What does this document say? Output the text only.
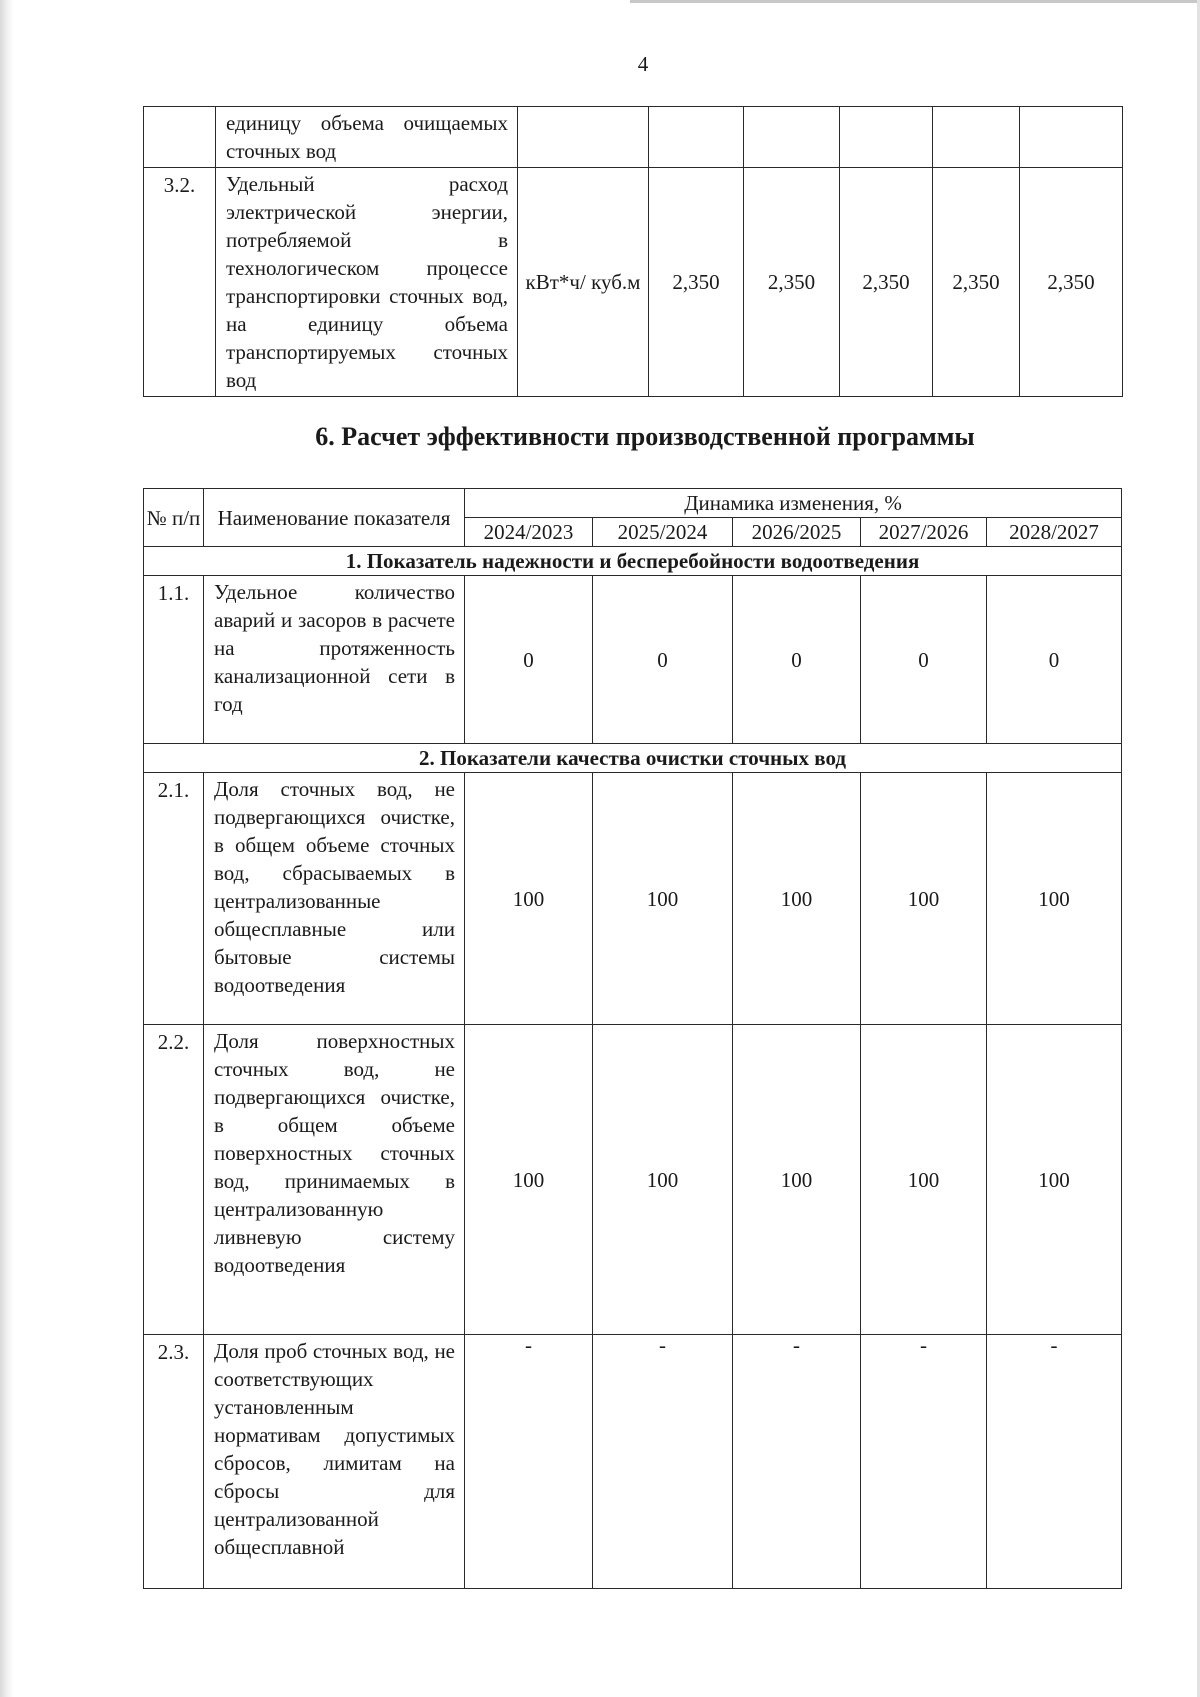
4
	единицу объема очищаемых сточных вод						
3.2.	Удельный расход электрической энергии, потребляемой в технологическом процессе транспортировки сточных вод, на единицу объема транспортируемых сточных вод	кВт*ч/ куб.м	2,350	2,350	2,350	2,350	2,350
6. Расчет эффективности производственной программы
№ п/п	Наименование показателя	Динамика изменения, %				
		2024/2023	2025/2024	2026/2025	2027/2026	2028/2027
1. Показатель надежности и бесперебойности водоотведения						
1.1.	Удельное количество аварий и засоров в расчете на протяженность канализационной сети в год	0	0	0	0	0
2. Показатели качества очистки сточных вод						
2.1.	Доля сточных вод, не подвергающихся очистке, в общем объеме сточных вод, сбрасываемых в централизованные общесплавные или бытовые системы водоотведения	100	100	100	100	100
2.2.	Доля поверхностных сточных вод, не подвергающихся очистке, в общем объеме поверхностных сточных вод, принимаемых в централизованную ливневую систему водоотведения	100	100	100	100	100
2.3.	Доля проб сточных вод, не соответствующих установленным нормативам допустимых сбросов, лимитам на сбросы для централизованной общесплавной	-	-	-	-	-
